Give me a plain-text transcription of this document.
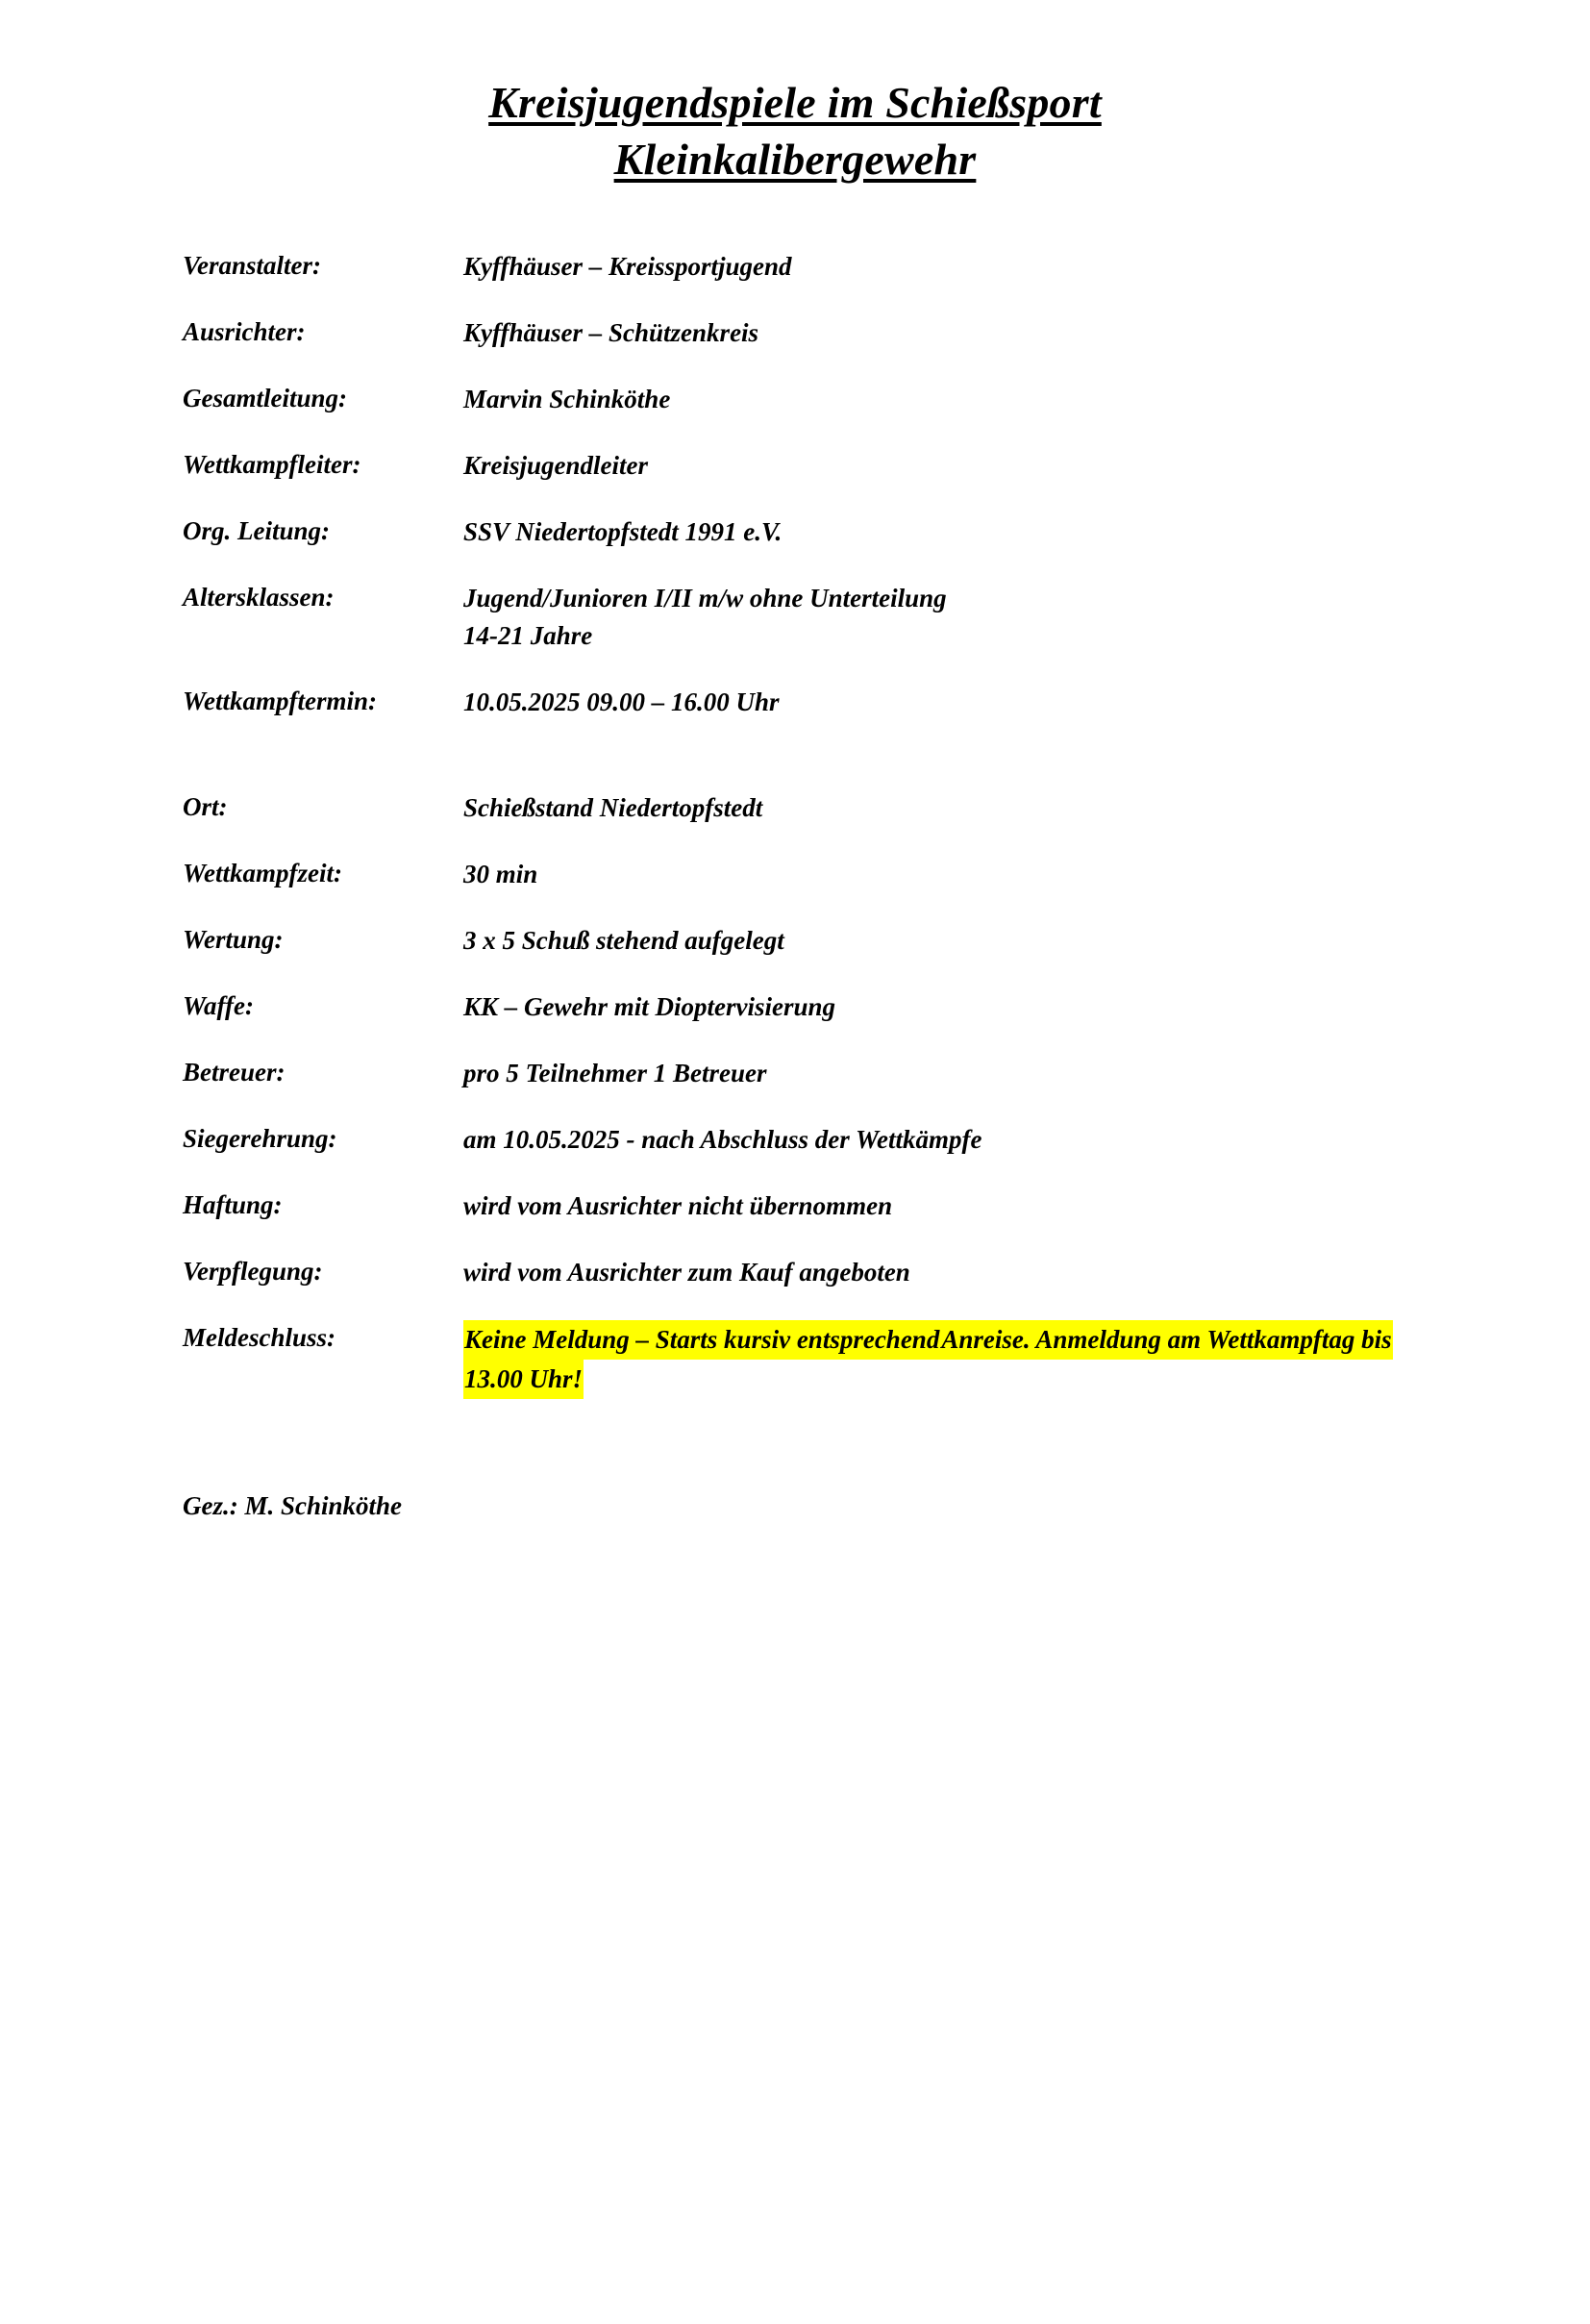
Kreisjugendspiele im Schießsport
Kleinkalibergewehr
Veranstalter:	Kyffhäuser – Kreissportjugend
Ausrichter:	Kyffhäuser – Schützenkreis
Gesamtleitung:	Marvin Schinköthe
Wettkampfleiter:	Kreisjugendleiter
Org. Leitung:	SSV Niedertopfstedt 1991 e.V.
Altersklassen:	Jugend/Junioren I/II m/w ohne Unterteilung
14-21 Jahre
Wettkampftermin:	10.05.2025 09.00 – 16.00 Uhr
Ort:	Schießstand Niedertopfstedt
Wettkampfzeit:	30 min
Wertung:	3 x 5 Schuß stehend aufgelegt
Waffe:	KK – Gewehr mit Dioptervisierung
Betreuer:	pro 5 Teilnehmer 1 Betreuer
Siegerehrung:	am 10.05.2025 - nach Abschluss der Wettkämpfe
Haftung:	wird vom Ausrichter nicht übernommen
Verpflegung:	wird vom Ausrichter zum Kauf angeboten
Meldeschluss:	Keine Meldung – Starts kursiv entsprechendAnreise. Anmeldung am Wettkampftag bis13.00 Uhr!
Gez.: M. Schinköthe
